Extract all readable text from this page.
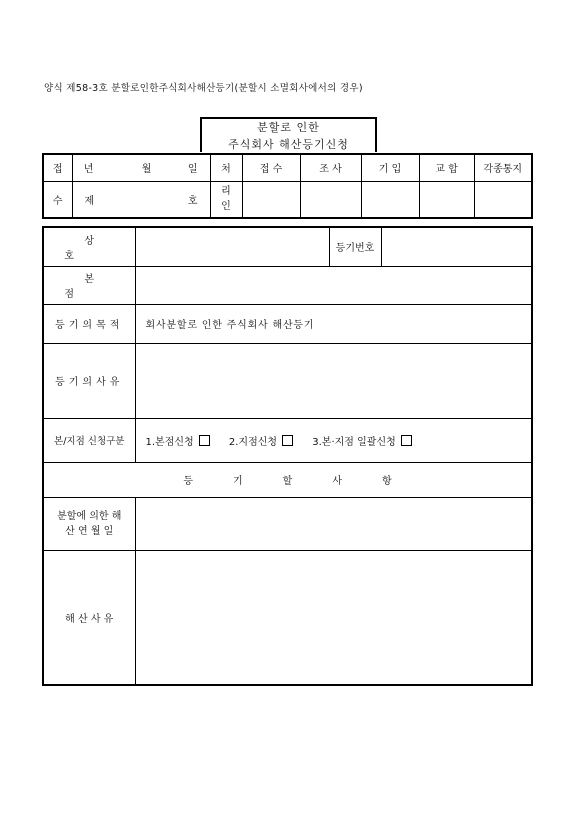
양식 제58-3호 분할로인한주식회사해산등기(분할시 소멸회사에서의 경우)
분할로 인한
주식회사 해산등기신청
접	년 월 일	처	접 수	조 사	기 입	교 합	각종통지
수	제 호	리
인					
상 호		등기번호	
본 점			
등기의목적	회사분할로 인한 주식회사 해산등기		
등기의사유			
본/지점 신청구분	1.본점신청 2.지점신청 3.본·지점 일괄신청		
등기할사항			
분할에 의한 해
산 연 월 일			
해 산 사 유			
